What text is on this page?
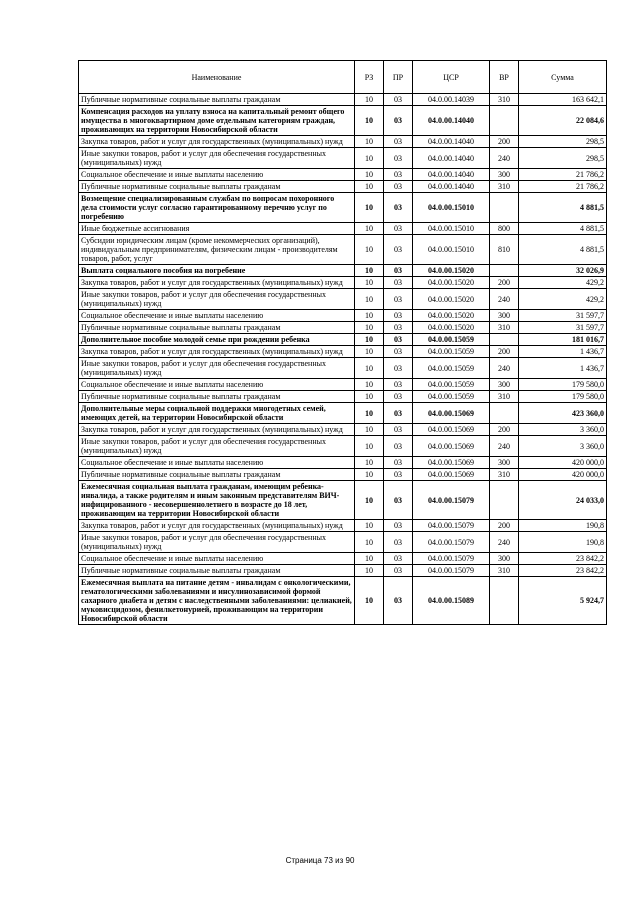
Наименование	РЗ	ПР	ЦСР	ВР	Сумма
Публичные нормативные социальные выплаты гражданам	10	03	04.0.00.14039	310	163 642,1
Компенсация расходов на уплату взноса на капитальный ремонт общего имущества в многоквартирном доме отдельным категориям граждан, проживающих на территории Новосибирской области	10	03	04.0.00.14040		22 084,6
Закупка товаров, работ и услуг для государственных (муниципальных) нужд	10	03	04.0.00.14040	200	298,5
Иные закупки товаров, работ и услуг для обеспечения государственных (муниципальных) нужд	10	03	04.0.00.14040	240	298,5
Социальное обеспечение и иные выплаты населению	10	03	04.0.00.14040	300	21 786,2
Публичные нормативные социальные выплаты гражданам	10	03	04.0.00.14040	310	21 786,2
Возмещение специализированным службам по вопросам похоронного дела стоимости услуг согласно гарантированному перечню услуг по погребению	10	03	04.0.00.15010		4 881,5
Иные бюджетные ассигнования	10	03	04.0.00.15010	800	4 881,5
Субсидии юридическим лицам (кроме некоммерческих организаций), индивидуальным предпринимателям, физическим лицам - производителям товаров, работ, услуг	10	03	04.0.00.15010	810	4 881,5
Выплата социального пособия на погребение	10	03	04.0.00.15020		32 026,9
Закупка товаров, работ и услуг для государственных (муниципальных) нужд	10	03	04.0.00.15020	200	429,2
Иные закупки товаров, работ и услуг для обеспечения государственных (муниципальных) нужд	10	03	04.0.00.15020	240	429,2
Социальное обеспечение и иные выплаты населению	10	03	04.0.00.15020	300	31 597,7
Публичные нормативные социальные выплаты гражданам	10	03	04.0.00.15020	310	31 597,7
Дополнительное пособие молодой семье при рождении ребенка	10	03	04.0.00.15059		181 016,7
Закупка товаров, работ и услуг для государственных (муниципальных) нужд	10	03	04.0.00.15059	200	1 436,7
Иные закупки товаров, работ и услуг для обеспечения государственных (муниципальных) нужд	10	03	04.0.00.15059	240	1 436,7
Социальное обеспечение и иные выплаты населению	10	03	04.0.00.15059	300	179 580,0
Публичные нормативные социальные выплаты гражданам	10	03	04.0.00.15059	310	179 580,0
Дополнительные меры социальной поддержки многодетных семей, имеющих детей, на территории Новосибирской области	10	03	04.0.00.15069		423 360,0
Закупка товаров, работ и услуг для государственных (муниципальных) нужд	10	03	04.0.00.15069	200	3 360,0
Иные закупки товаров, работ и услуг для обеспечения государственных (муниципальных) нужд	10	03	04.0.00.15069	240	3 360,0
Социальное обеспечение и иные выплаты населению	10	03	04.0.00.15069	300	420 000,0
Публичные нормативные социальные выплаты гражданам	10	03	04.0.00.15069	310	420 000,0
Ежемесячная социальная выплата гражданам, имеющим ребенка-инвалида, а также родителям и иным законным представителям ВИЧ-инфицированного - несовершеннолетнего в возрасте до 18 лет, проживающим на территории Новосибирской области	10	03	04.0.00.15079		24 033,0
Закупка товаров, работ и услуг для государственных (муниципальных) нужд	10	03	04.0.00.15079	200	190,8
Иные закупки товаров, работ и услуг для обеспечения государственных (муниципальных) нужд	10	03	04.0.00.15079	240	190,8
Социальное обеспечение и иные выплаты населению	10	03	04.0.00.15079	300	23 842,2
Публичные нормативные социальные выплаты гражданам	10	03	04.0.00.15079	310	23 842,2
Ежемесячная выплата на питание детям - инвалидам с онкологическими, гематологическими заболеваниями и инсулинозависимой формой сахарного диабета и детям с наследственными заболеваниями: целиакией, муковисцидозом, фенилкетонурией, проживающим на территории Новосибирской области	10	03	04.0.00.15089		5 924,7
Страница 73 из 90
